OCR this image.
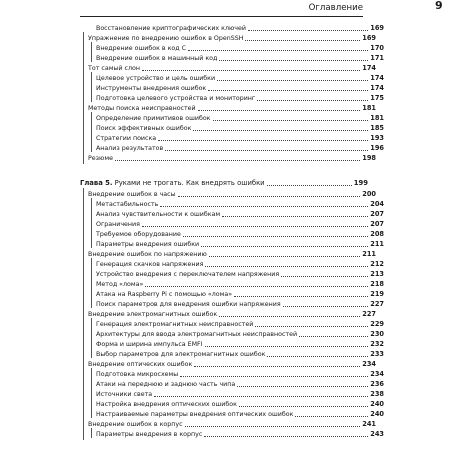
Оглавление	9
Восстановление криптографических ключей	169
Упражнение по внедрению ошибок в OpenSSH	169
Внедрение ошибок в код C	170
Внедрение ошибок в машинный код	171
Тот самый слон	174
Целевое устройство и цель ошибки	174
Инструменты внедрения ошибок	174
Подготовка целевого устройства и мониторинг	175
Методы поиска неисправностей	181
Определение примитивов ошибок	181
Поиск эффективных ошибок	185
Стратегии поиска	193
Анализ результатов	196
Резюме	198
Глава 5. Руками не трогать. Как внедрять ошибки	199
Внедрение ошибок в часы	200
Метастабильность	204
Анализ чувствительности к ошибкам	207
Ограничения	207
Требуемое оборудование	208
Параметры внедрения ошибки	211
Внедрение ошибок по напряжению	211
Генерация скачков напряжения	212
Устройство внедрения с переключателем напряжения	213
Метод «лома»	218
Атака на Raspberry Pi с помощью «лома»	219
Поиск параметров для внедрения ошибки напряжения	227
Внедрение электромагнитных ошибок	227
Генерация электромагнитных неисправностей	229
Архитектуры для ввода электромагнитных неисправностей	230
Форма и ширина импульса EMFI	232
Выбор параметров для электромагнитных ошибок	233
Внедрение оптических ошибок	234
Подготовка микросхемы	234
Атаки на переднюю и заднюю часть чипа	236
Источники света	238
Настройка внедрения оптических ошибок	240
Настраиваемые параметры внедрения оптических ошибок	240
Внедрение ошибок в корпус	241
Параметры внедрения в корпус	243
